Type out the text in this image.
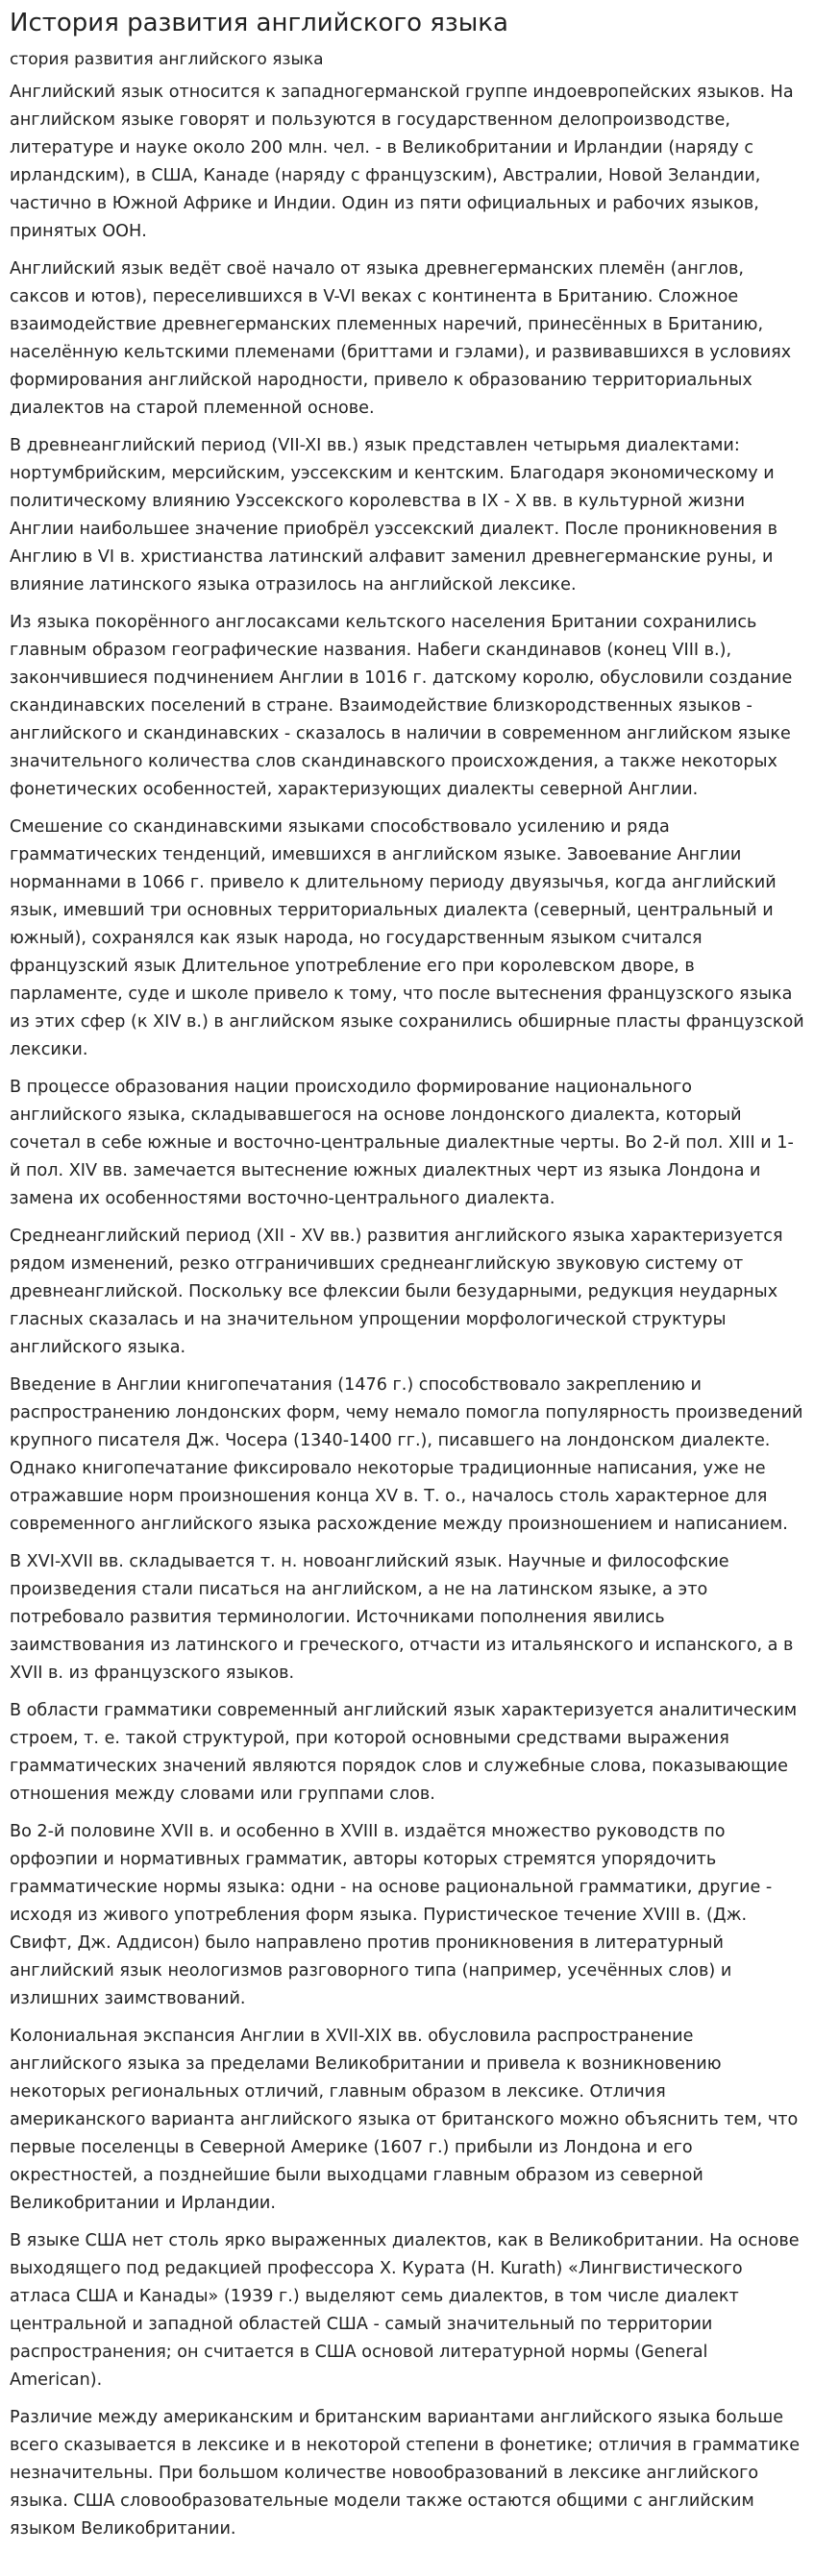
История развития английского языка
стория развития английского языка

Английский язык относится к западногерманской группе индоевропейских языков. На английском языке говорят и пользуются в государственном делопроизводстве, литературе и науке около 200 млн. чел. - в Великобритании и Ирландии (наряду с ирландским), в США, Канаде (наряду с французским), Австралии, Новой Зеландии, частично в Южной Африке и Индии. Один из пяти официальных и рабочих языков, принятых ООН.

Английский язык ведёт своё начало от языка древнегерманских племён (англов, саксов и ютов), переселившихся в V-VI веках с континента в Британию. Сложное взаимодействие древнегерманских племенных наречий, принесённых в Британию, населённую кельтскими племенами (бриттами и гэлами), и развивавшихся в условиях формирования английской народности, привело к образованию территориальных диалектов на старой племенной основе.

В древнеанглийский период (VII-XI вв.) язык представлен четырьмя диалектами: нортумбрийским, мерсийским, уэссекским и кентским. Благодаря экономическому и политическому влиянию Уэссекского королевства в IX - X вв. в культурной жизни Англии наибольшее значение приобрёл уэссекский диалект. После проникновения в Англию в VI в. христианства латинский алфавит заменил древнегерманские руны, и влияние латинского языка отразилось на английской лексике.

Из языка покорённого англосаксами кельтского населения Британии сохранились главным образом географические названия. Набеги скандинавов (конец VIII в.), закончившиеся подчинением Англии в 1016 г. датскому королю, обусловили создание скандинавских поселений в стране. Взаимодействие близкородственных языков - английского и скандинавских - сказалось в наличии в современном английском языке значительного количества слов скандинавского происхождения, а также некоторых фонетических особенностей, характеризующих диалекты северной Англии.

Смешение со скандинавскими языками способствовало усилению и ряда грамматических тенденций, имевшихся в английском языке. Завоевание Англии норманнами в 1066 г. привело к длительному периоду двуязычья, когда английский язык, имевший три основных территориальных диалекта (северный, центральный и южный), сохранялся как язык народа, но государственным языком считался французский язык Длительное употребление его при королевском дворе, в парламенте, суде и школе привело к тому, что после вытеснения французского языка из этих сфер (к XIV в.) в английском языке сохранились обширные пласты французской лексики.

В процессе образования нации происходило формирование национального английского языка, складывавшегося на основе лондонского диалекта, который сочетал в себе южные и восточно-центральные диалектные черты. Во 2-й пол. XIII и 1-й пол. XIV вв. замечается вытеснение южных диалектных черт из языка Лондона и замена их особенностями восточно-центрального диалекта.

Среднеанглийский период (XII - XV вв.) развития английского языка характеризуется рядом изменений, резко отграничивших среднеанглийскую звуковую систему от древнеанглийской. Поскольку все флексии были безударными, редукция неударных гласных сказалась и на значительном упрощении морфологической структуры английского языка.

Введение в Англии книгопечатания (1476 г.) способствовало закреплению и распространению лондонских форм, чему немало помогла популярность произведений крупного писателя Дж. Чосера (1340-1400 гг.), писавшего на лондонском диалекте. Однако книгопечатание фиксировало некоторые традиционные написания, уже не отражавшие норм произношения конца XV в. Т. о., началось столь характерное для современного английского языка расхождение между произношением и написанием.

В XVI-XVII вв. складывается т. н. новоанглийский язык. Научные и философские произведения стали писаться на английском, а не на латинском языке, а это потребовало развития терминологии. Источниками пополнения явились заимствования из латинского и греческого, отчасти из итальянского и испанского, а в XVII в. из французского языков.

В области грамматики современный английский язык характеризуется аналитическим строем, т. е. такой структурой, при которой основными средствами выражения грамматических значений являются порядок слов и служебные слова, показывающие отношения между словами или группами слов.

Во 2-й половине XVII в. и особенно в XVIII в. издаётся множество руководств по орфоэпии и нормативных грамматик, авторы которых стремятся упорядочить грамматические нормы языка: одни - на основе рациональной грамматики, другие - исходя из живого употребления форм языка. Пуристическое течение XVIII в. (Дж. Свифт, Дж. Аддисон) было направлено против проникновения в литературный английский язык неологизмов разговорного типа (например, усечённых слов) и излишних заимствований.

Колониальная экспансия Англии в XVII-XIX вв. обусловила распространение английского языка за пределами Великобритании и привела к возникновению некоторых региональных отличий, главным образом в лексике. Отличия американского варианта английского языка от британского можно объяснить тем, что первые поселенцы в Северной Америке (1607 г.) прибыли из Лондона и его окрестностей, а позднейшие были выходцами главным образом из северной Великобритании и Ирландии.

В языке США нет столь ярко выраженных диалектов, как в Великобритании. На основе выходящего под редакцией профессора Х. Курата (H. Kurath) «Лингвистического атласа США и Канады» (1939 г.) выделяют семь диалектов, в том числе диалект центральной и западной областей США - самый значительный по территории распространения; он считается в США основой литературной нормы (General American).

Различие между американским и британским вариантами английского языка больше всего сказывается в лексике и в некоторой степени в фонетике; отличия в грамматике незначительны. При большом количестве новообразований в лексике английского языка. США словообразовательные модели также остаются общими с английским языком Великобритании.
